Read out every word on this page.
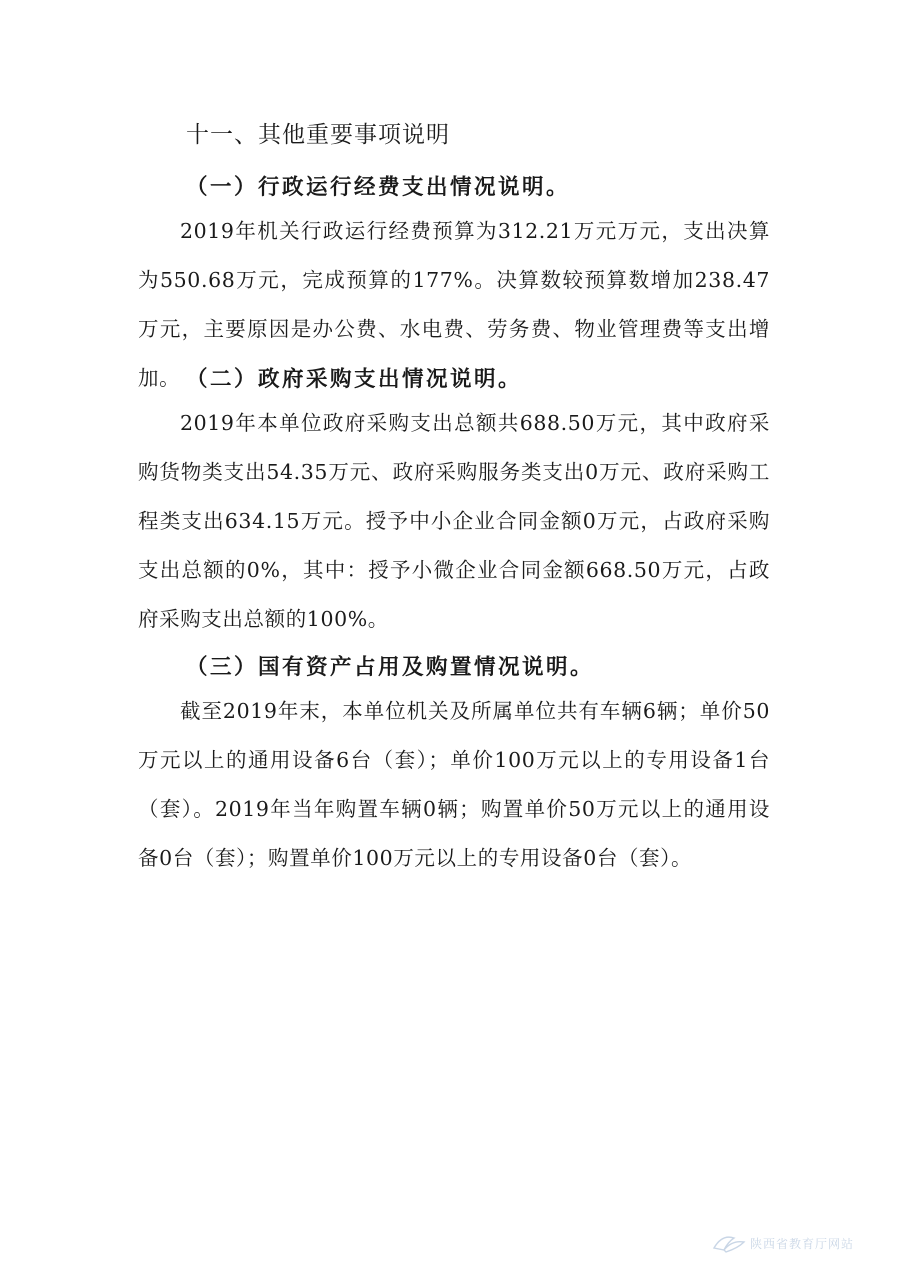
十一、其他重要事项说明
（一）行政运行经费支出情况说明。

2019年机关行政运行经费预算为312.21万元万元，支出决算为550.68万元，完成预算的177%。决算数较预算数增加238.47万元，主要原因是办公费、水电费、劳务费、物业管理费等支出增加。 （二）政府采购支出情况说明。

2019年本单位政府采购支出总额共688.50万元，其中政府采购货物类支出54.35万元、政府采购服务类支出0万元、政府采购工程类支出634.15万元。授予中小企业合同金额0万元，占政府采购支出总额的0%，其中：授予小微企业合同金额668.50万元，占政府采购支出总额的100%。

（三）国有资产占用及购置情况说明。

截至2019年末，本单位机关及所属单位共有车辆6辆；单价50万元以上的通用设备6台（套）；单价100万元以上的专用设备1台（套）。2019年当年购置车辆0辆；购置单价50万元以上的通用设备0台（套）；购置单价100万元以上的专用设备0台（套）。

陕西省教育厅网站
